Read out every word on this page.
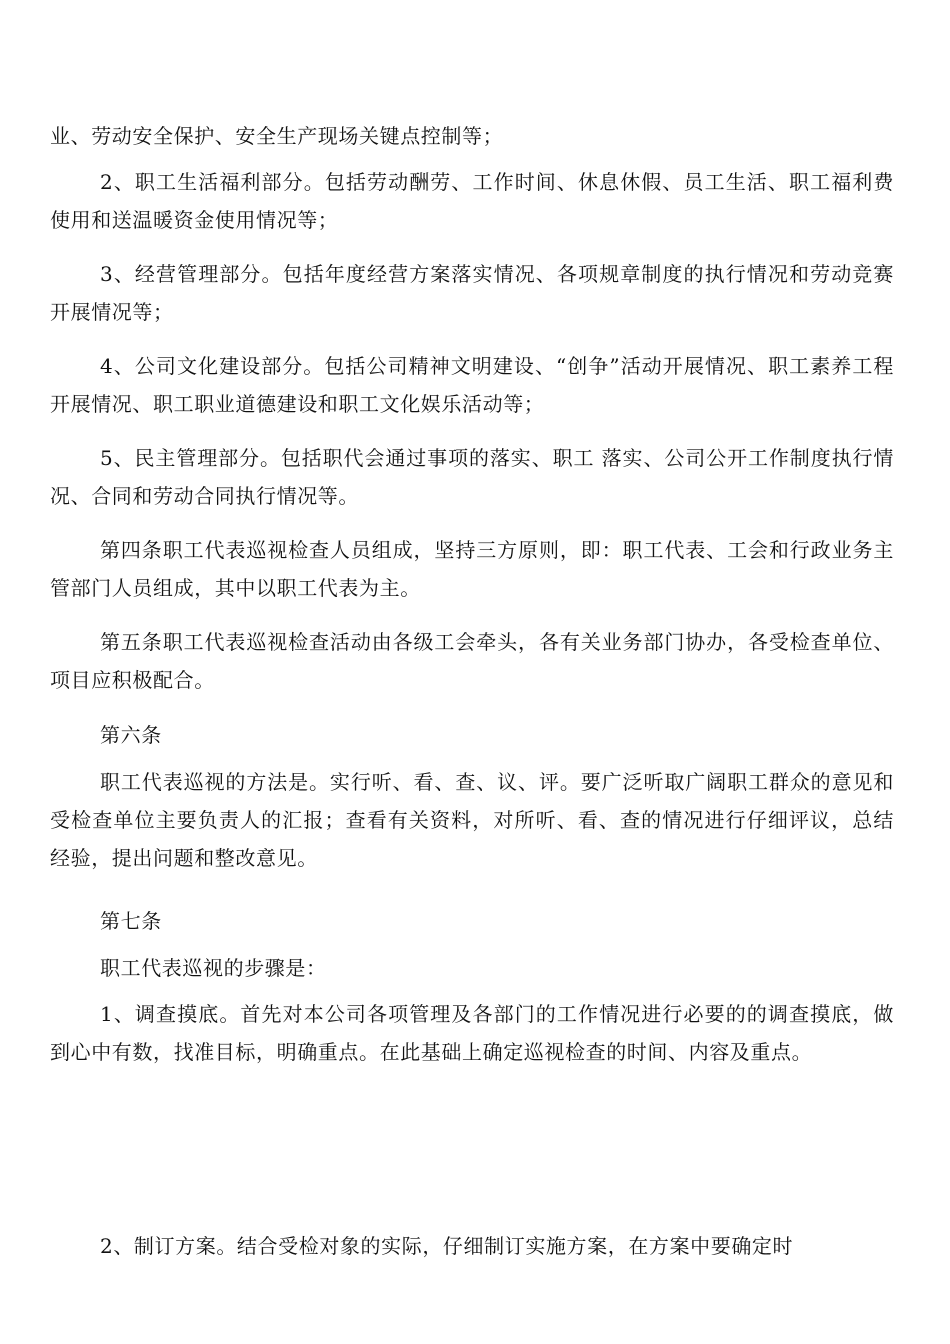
业、劳动安全保护、安全生产现场关键点控制等；

2、职工生活福利部分。包括劳动酬劳、工作时间、休息休假、员工生活、职工福利费使用和送温暖资金使用情况等；

3、经营管理部分。包括年度经营方案落实情况、各项规章制度的执行情况和劳动竞赛开展情况等；

4、公司文化建设部分。包括公司精神文明建设、“创争”活动开展情况、职工素养工程开展情况、职工职业道德建设和职工文化娱乐活动等；

5、民主管理部分。包括职代会通过事项的落实、职工 落实、公司公开工作制度执行情况、合同和劳动合同执行情况等。

第四条职工代表巡视检查人员组成，坚持三方原则，即：职工代表、工会和行政业务主管部门人员组成，其中以职工代表为主。

第五条职工代表巡视检查活动由各级工会牵头，各有关业务部门协办，各受检查单位、项目应积极配合。

第六条

职工代表巡视的方法是。实行听、看、查、议、评。要广泛听取广阔职工群众的意见和受检查单位主要负责人的汇报；查看有关资料，对所听、看、查的情况进行仔细评议，总结经验，提出问题和整改意见。

第七条

职工代表巡视的步骤是：

1、调查摸底。首先对本公司各项管理及各部门的工作情况进行必要的的调查摸底，做到心中有数，找准目标，明确重点。在此基础上确定巡视检查的时间、内容及重点。

2、制订方案。结合受检对象的实际，仔细制订实施方案，在方案中要确定时
